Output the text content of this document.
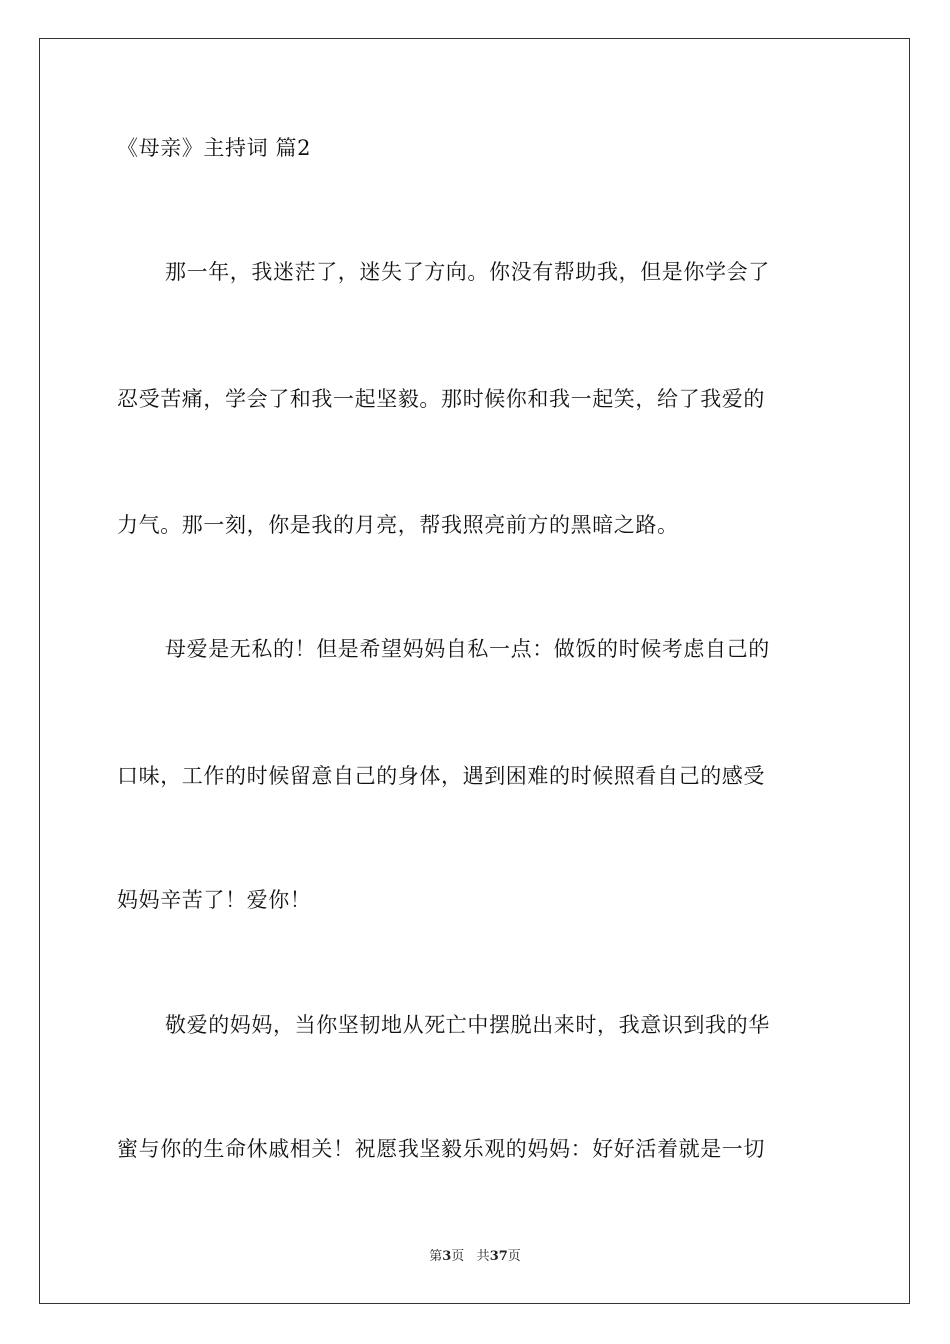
《母亲》主持词 篇2
那一年，我迷茫了，迷失了方向。你没有帮助我，但是你学会了
忍受苦痛，学会了和我一起坚毅。那时候你和我一起笑，给了我爱的
力气。那一刻，你是我的月亮，帮我照亮前方的黑暗之路。
母爱是无私的！但是希望妈妈自私一点：做饭的时候考虑自己的
口味，工作的时候留意自己的身体，遇到困难的时候照看自己的感受
妈妈辛苦了！爱你！
敬爱的妈妈，当你坚韧地从死亡中摆脱出来时，我意识到我的华
蜜与你的生命休戚相关！祝愿我坚毅乐观的妈妈：好好活着就是一切
第3页 共37页
